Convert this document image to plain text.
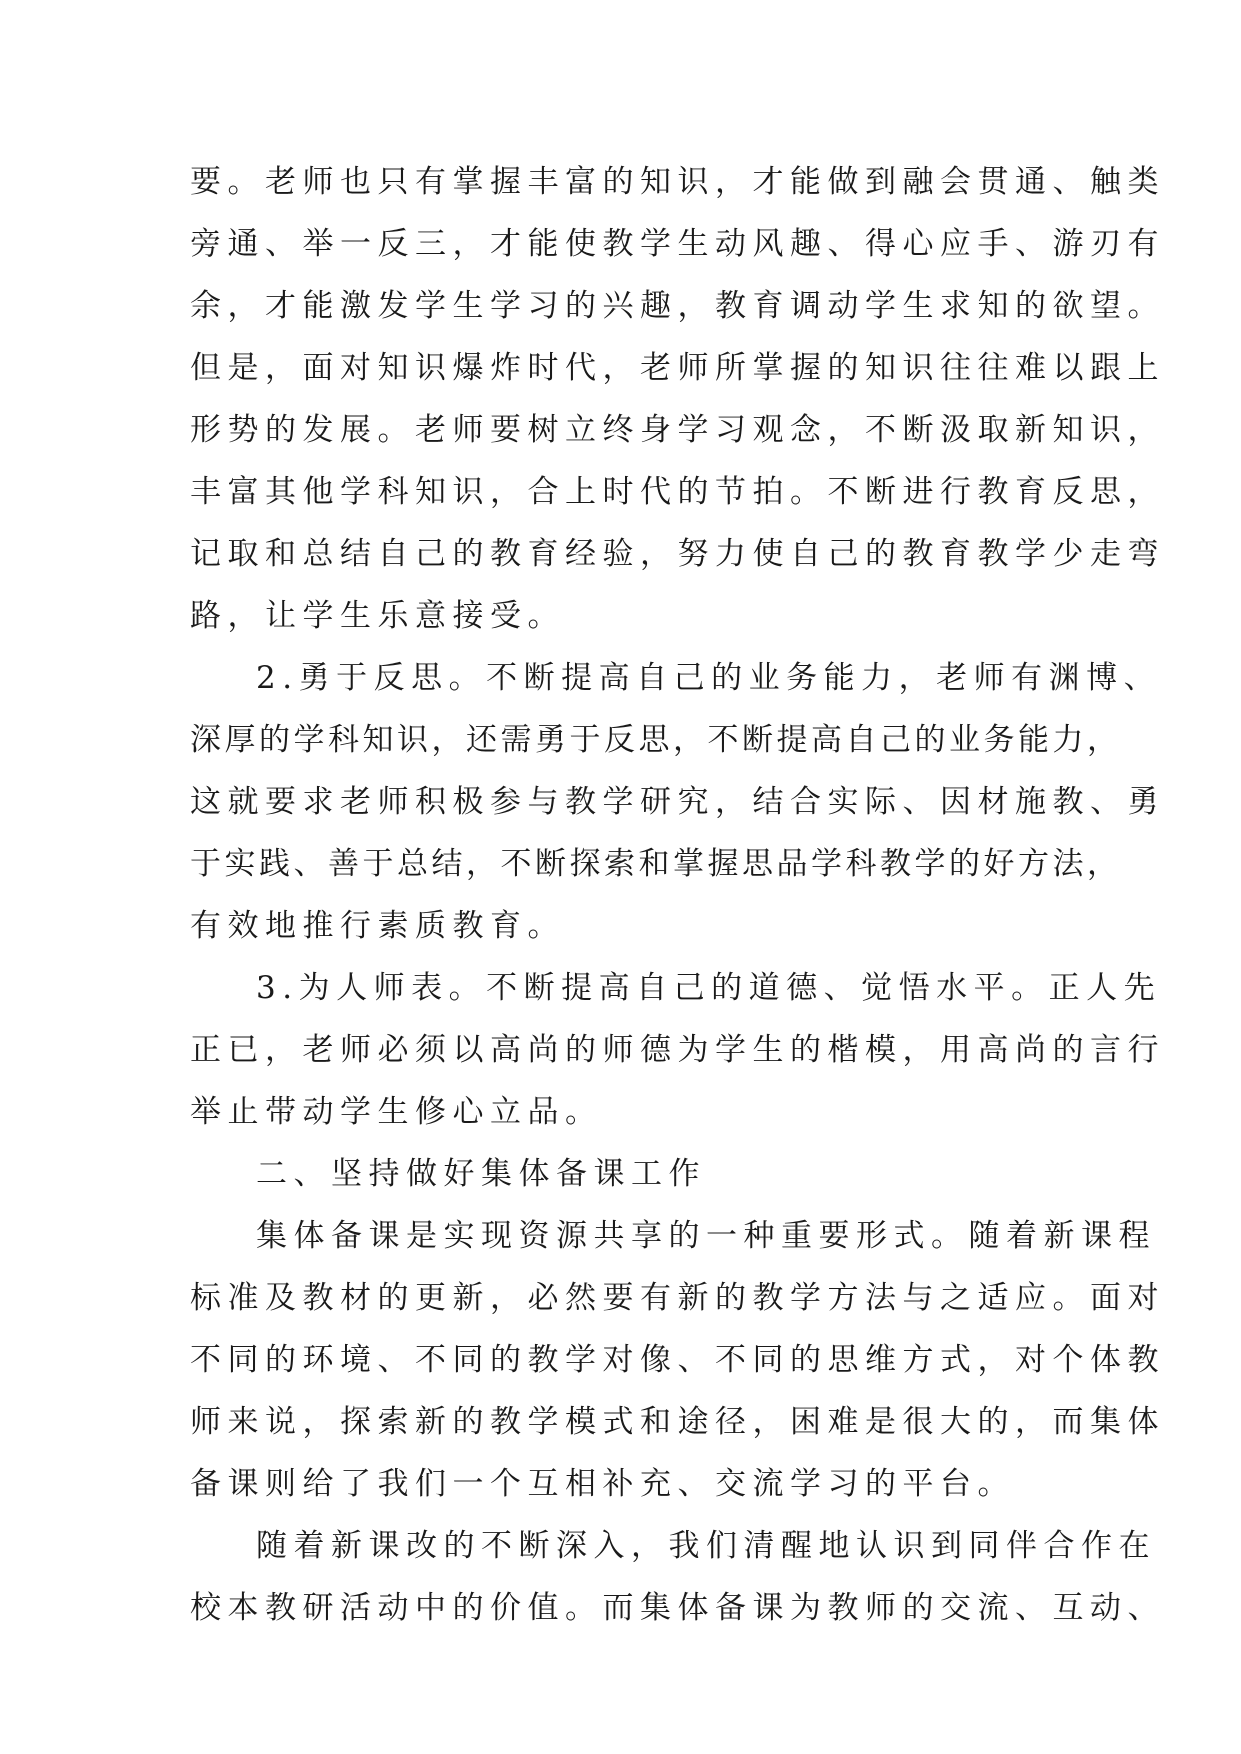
要。老师也只有掌握丰富的知识，才能做到融会贯通、触类
旁通、举一反三，才能使教学生动风趣、得心应手、游刃有
余，才能激发学生学习的兴趣，教育调动学生求知的欲望。
但是，面对知识爆炸时代，老师所掌握的知识往往难以跟上
形势的发展。老师要树立终身学习观念，不断汲取新知识，
丰富其他学科知识，合上时代的节拍。不断进行教育反思，
记取和总结自己的教育经验，努力使自己的教育教学少走弯
路，让学生乐意接受。
2.勇于反思。不断提高自己的业务能力，老师有渊博、
深厚的学科知识，还需勇于反思，不断提高自己的业务能力，
这就要求老师积极参与教学研究，结合实际、因材施教、勇
于实践、善于总结，不断探索和掌握思品学科教学的好方法，
有效地推行素质教育。
3.为人师表。不断提高自己的道德、觉悟水平。正人先
正已，老师必须以高尚的师德为学生的楷模，用高尚的言行
举止带动学生修心立品。
二、坚持做好集体备课工作
集体备课是实现资源共享的一种重要形式。随着新课程
标准及教材的更新，必然要有新的教学方法与之适应。面对
不同的环境、不同的教学对像、不同的思维方式，对个体教
师来说，探索新的教学模式和途径，困难是很大的，而集体
备课则给了我们一个互相补充、交流学习的平台。
随着新课改的不断深入，我们清醒地认识到同伴合作在
校本教研活动中的价值。而集体备课为教师的交流、互动、
